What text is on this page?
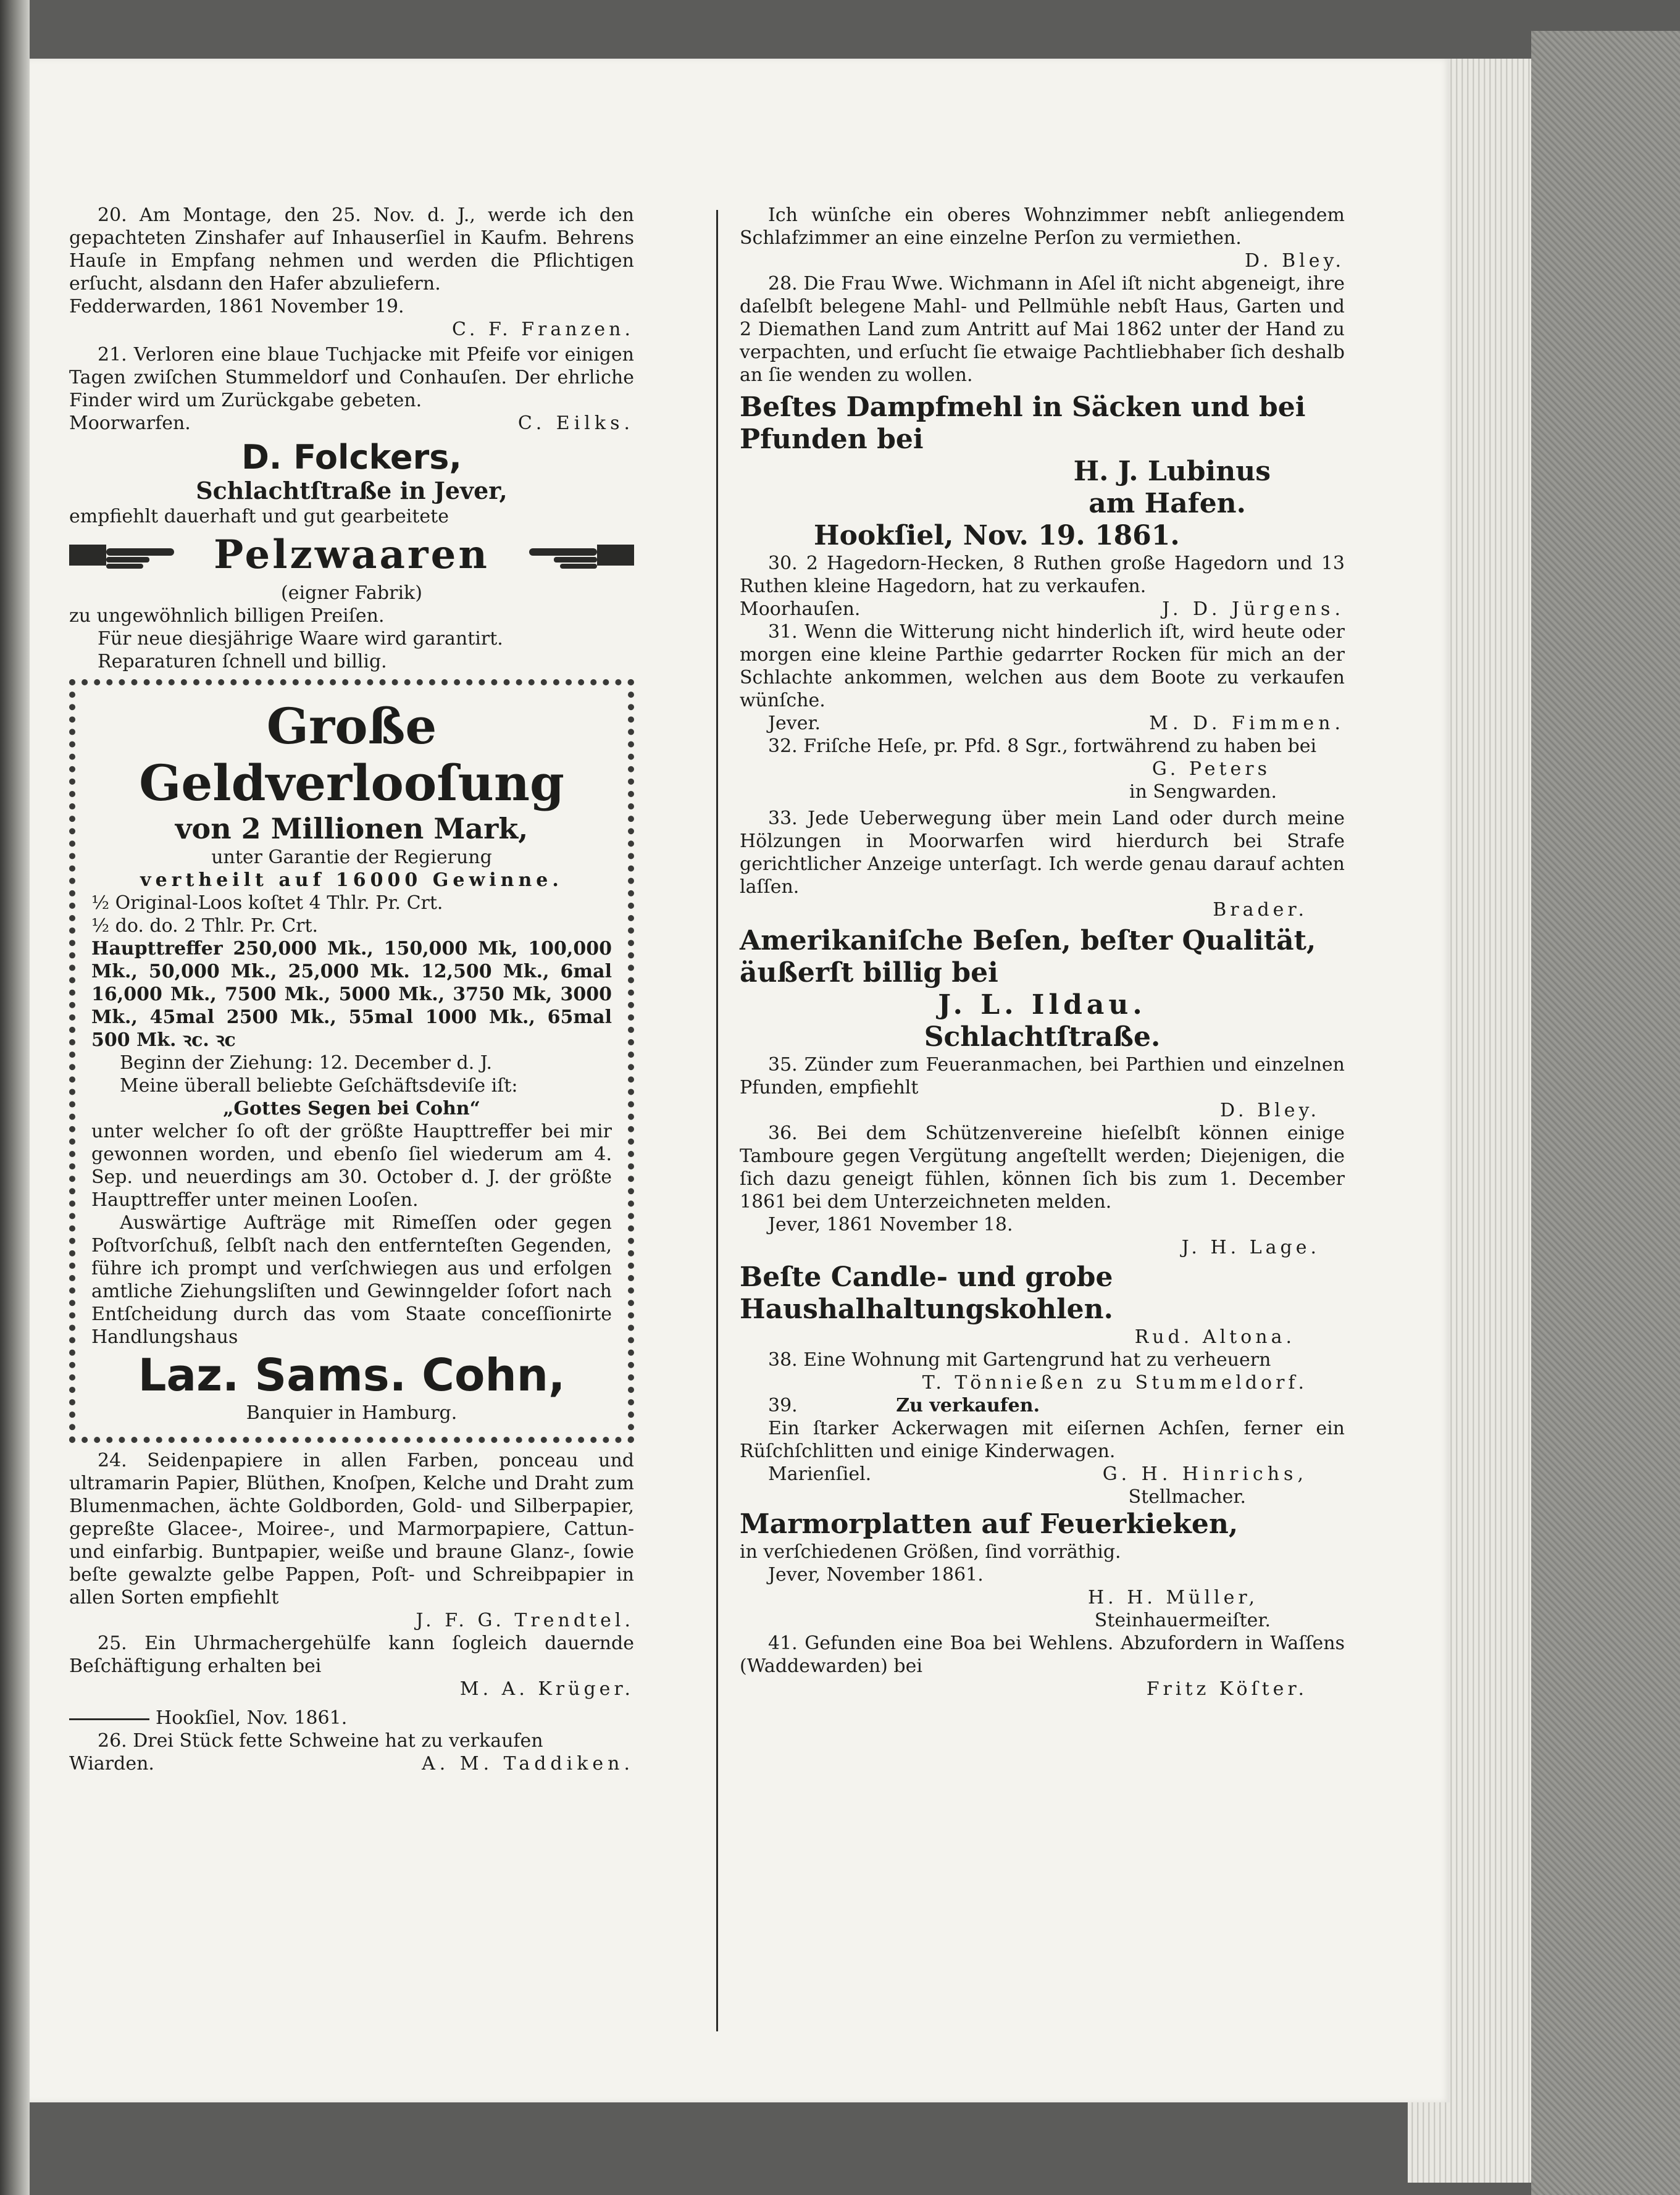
20. Am Montage, den 25. Nov. d. J., werde ich den gepachteten Zinshafer auf Inhauserſiel in Kaufm. Behrens Hauſe in Empfang nehmen und werden die Pflichtigen erſucht, alsdann den Hafer abzuliefern.

Fedderwarden, 1861 November 19.

C. F. Franzen.

21. Verloren eine blaue Tuchjacke mit Pfeife vor einigen Tagen zwiſchen Stummeldorf und Conhauſen. Der ehrliche Finder wird um Zurückgabe gebeten.

Moorwarfen.	C. Eilks.
D. Folckers,
Schlachtſtraße in Jever,

empfiehlt dauerhaft und gut gearbeitete

Pelzwaaren

(eigner Fabrik)

zu ungewöhnlich billigen Preiſen.

Für neue diesjährige Waare wird garantirt.

Reparaturen ſchnell und billig.

Große Geldverlooſung
von 2 Millionen Mark,

unter Garantie der Regierung

vertheilt auf 16000 Gewinne.

½ Original-Loos koſtet 4 Thlr. Pr. Crt.

½ do. do. 2 Thlr. Pr. Crt.

Haupttreffer 250,000 Mk., 150,000 Mk, 100,000 Mk., 50,000 Mk., 25,000 Mk. 12,500 Mk., 6mal 16,000 Mk., 7500 Mk., 5000 Mk., 3750 Mk, 3000 Mk., 45mal 2500 Mk., 55mal 1000 Mk., 65mal 500 Mk. ꝛc. ꝛc

Beginn der Ziehung: 12. December d. J.

Meine überall beliebte Geſchäftsdeviſe iſt:

„Gottes Segen bei Cohn“

unter welcher ſo oft der größte Haupttreffer bei mir gewonnen worden, und ebenſo ſiel wiederum am 4. Sep. und neuerdings am 30. October d. J. der größte Haupttreffer unter meinen Looſen.

Auswärtige Aufträge mit Rimeſſen oder gegen Poſtvorſchuß, ſelbſt nach den entfernteſten Gegenden, führe ich prompt und verſchwiegen aus und erfolgen amtliche Ziehungsliſten und Gewinngelder ſofort nach Entſcheidung durch das vom Staate conceſſionirte Handlungshaus

Laz. Sams. Cohn,

Banquier in Hamburg.

24. Seidenpapiere in allen Farben, ponceau und ultramarin Papier, Blüthen, Knoſpen, Kelche und Draht zum Blumenmachen, ächte Goldborden, Gold- und Silberpapier, gepreßte Glacee-, Moiree-, und Marmorpapiere, Cattun- und einfarbig. Buntpapier, weiße und braune Glanz-, ſowie beſte gewalzte gelbe Pappen, Poſt- und Schreibpapier in allen Sorten empfiehlt

J. F. G. Trendtel.

25. Ein Uhrmachergehülfe kann ſogleich dauernde Beſchäftigung erhalten bei

M. A. Krüger.

Hookſiel, Nov. 1861.

26. Drei Stück fette Schweine hat zu verkaufen

Wiarden.	A. M. Taddiken.

Ich wünſche ein oberes Wohnzimmer nebſt anliegendem Schlafzimmer an eine einzelne Perſon zu vermiethen.

D. Bley.

28. Die Frau Wwe. Wichmann in Aſel iſt nicht abgeneigt, ihre daſelbſt belegene Mahl- und Pellmühle nebſt Haus, Garten und 2 Diemathen Land zum Antritt auf Mai 1862 unter der Hand zu verpachten, und erſucht ſie etwaige Pachtliebhaber ſich deshalb an ſie wenden zu wollen.

Beſtes Dampfmehl in Säcken und bei Pfunden bei

H. J. Lubinus

am Hafen.

Hookſiel, Nov. 19. 1861.

30. 2 Hagedorn-Hecken, 8 Ruthen große Hagedorn und 13 Ruthen kleine Hagedorn, hat zu verkaufen.

Moorhauſen.	J. D. Jürgens.

31. Wenn die Witterung nicht hinderlich iſt, wird heute oder morgen eine kleine Parthie gedarrter Rocken für mich an der Schlachte ankommen, welchen aus dem Boote zu verkaufen wünſche.

Jever.	M. D. Fimmen.

32. Friſche Heſe, pr. Pfd. 8 Sgr., fortwährend zu haben bei

G. Peters

in Sengwarden.

33. Jede Ueberwegung über mein Land oder durch meine Hölzungen in Moorwarfen wird hierdurch bei Strafe gerichtlicher Anzeige unterſagt. Ich werde genau darauf achten laſſen.

Brader.

Amerikaniſche Beſen, beſter Qualität, äußerſt billig bei

J. L. Ildau.

Schlachtſtraße.

35. Zünder zum Feueranmachen, bei Parthien und einzelnen Pfunden, empfiehlt

D. Bley.

36. Bei dem Schützenvereine hieſelbſt können einige Tamboure gegen Vergütung angeſtellt werden; Diejenigen, die ſich dazu geneigt fühlen, können ſich bis zum 1. December 1861 bei dem Unterzeichneten melden.

Jever, 1861 November 18.

J. H. Lage.

Beſte Candle- und grobe Haushalhaltungskohlen.

Rud. Altona.

38. Eine Wohnung mit Gartengrund hat zu verheuern

T. Tönnießen zu Stummeldorf.

39.	Zu verkaufen.

Ein ſtarker Ackerwagen mit eiſernen Achſen, ferner ein Rüſchſchlitten und einige Kinderwagen.

Marienſiel.	G. H. Hinrichs,

Stellmacher.

Marmorplatten auf Feuerkieken,

in verſchiedenen Größen, ſind vorräthig.

Jever, November 1861.

H. H. Müller,

Steinhauermeiſter.

41. Gefunden eine Boa bei Wehlens. Abzufordern in Waſſens (Waddewarden) bei

Fritz Köſter.
